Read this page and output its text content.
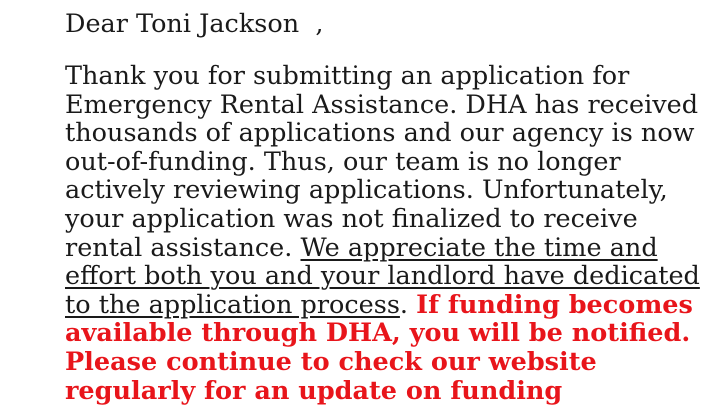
Dear Toni Jackson ,

Thank you for submitting an application for Emergency Rental Assistance. DHA has received thousands of applications and our agency is now out-of-funding. Thus, our team is no longer actively reviewing applications. Unfortunately, your application was not finalized to receive rental assistance. We appreciate the time and effort both you and your landlord have dedicated to the application process. If funding becomes available through DHA, you will be notified. Please continue to check our website regularly for an update on funding
